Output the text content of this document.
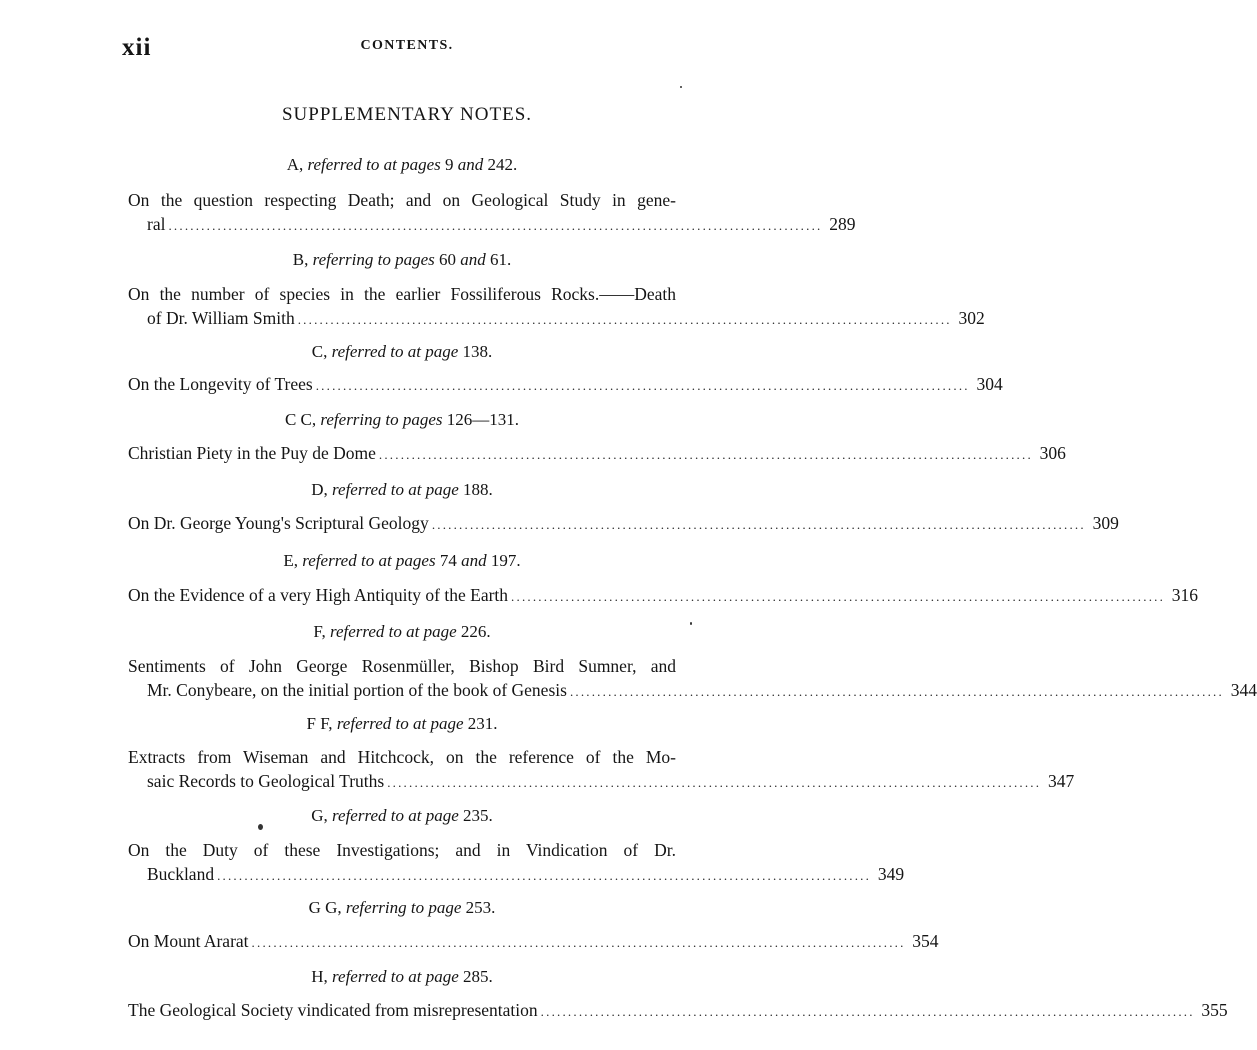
xii	CONTENTS.
SUPPLEMENTARY NOTES.
A, referred to at pages 9 and 242.
On the question respecting Death; and on Geological Study in gene-
ral ........................................................................................................................ 289
B, referring to pages 60 and 61.
On the number of species in the earlier Fossiliferous Rocks.——Death
of Dr. William Smith ........................................................................................................................ 302
C, referred to at page 138.
On the Longevity of Trees ........................................................................................................................ 304
C C, referring to pages 126—131.
Christian Piety in the Puy de Dome ........................................................................................................................ 306
D, referred to at page 188.
On Dr. George Young's Scriptural Geology ........................................................................................................................ 309
E, referred to at pages 74 and 197.
On the Evidence of a very High Antiquity of the Earth ........................................................................................................................ 316
F, referred to at page 226.
Sentiments of John George Rosenmüller, Bishop Bird Sumner, and
Mr. Conybeare, on the initial portion of the book of Genesis ........................................................................................................................ 344
F F, referred to at page 231.
Extracts from Wiseman and Hitchcock, on the reference of the Mo-
saic Records to Geological Truths ........................................................................................................................ 347
G, referred to at page 235.
On the Duty of these Investigations; and in Vindication of Dr.
Buckland ........................................................................................................................ 349
G G, referring to page 253.
On Mount Ararat ........................................................................................................................ 354
H, referred to at page 285.
The Geological Society vindicated from misrepresentation ........................................................................................................................ 355
